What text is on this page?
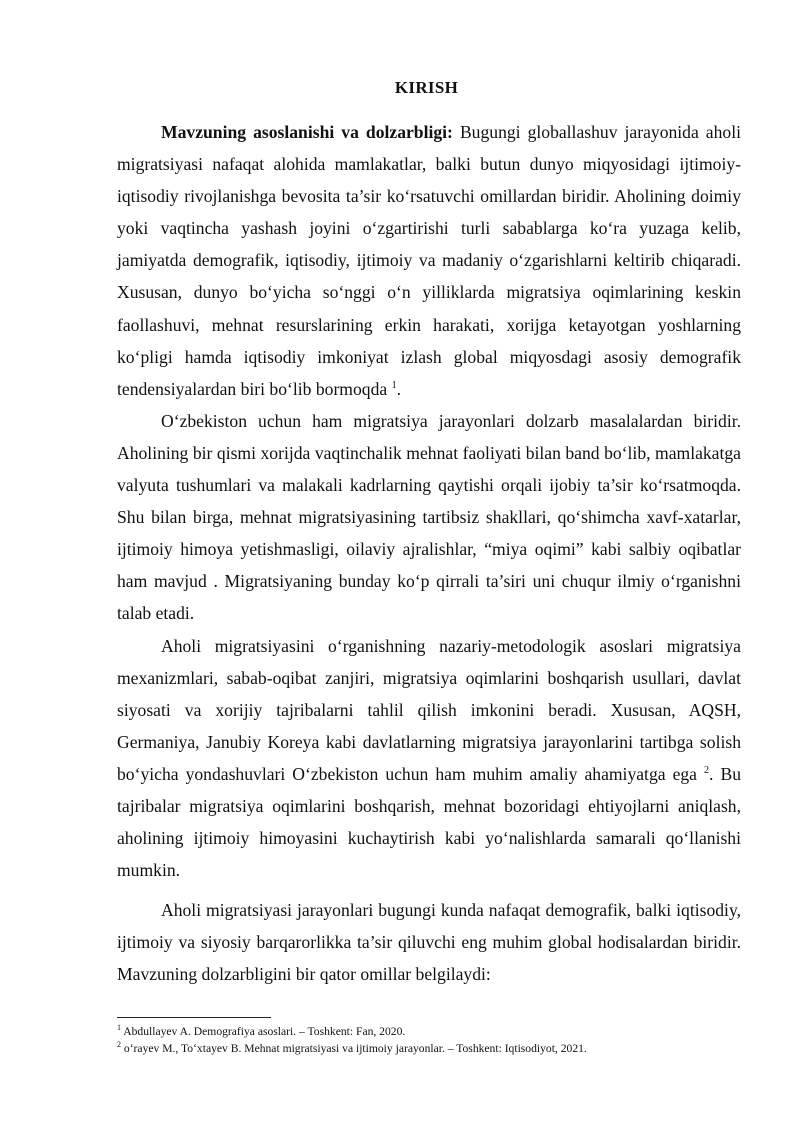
KIRISH

Mavzuning asoslanishi va dolzarbligi: Bugungi globallashuv jarayonida aholi migratsiyasi nafaqat alohida mamlakatlar, balki butun dunyo miqyosidagi ijtimoiy-iqtisodiy rivojlanishga bevosita ta’sir ko‘rsatuvchi omillardan biridir. Aholining doimiy yoki vaqtincha yashash joyini o‘zgartirishi turli sabablarga ko‘ra yuzaga kelib, jamiyatda demografik, iqtisodiy, ijtimoiy va madaniy o‘zgarishlarni keltirib chiqaradi. Xususan, dunyo bo‘yicha so‘nggi o‘n yilliklarda migratsiya oqimlarining keskin faollashuvi, mehnat resurslarining erkin harakati, xorijga ketayotgan yoshlarning ko‘pligi hamda iqtisodiy imkoniyat izlash global miqyosdagi asosiy demografik tendensiyalardan biri bo‘lib bormoqda $^1$.

O‘zbekiston uchun ham migratsiya jarayonlari dolzarb masalalardan biridir. Aholining bir qismi xorijda vaqtinchalik mehnat faoliyati bilan band bo‘lib, mamlakatga valyuta tushumlari va malakali kadrlarning qaytishi orqali ijobiy ta’sir ko‘rsatmoqda. Shu bilan birga, mehnat migratsiyasining tartibsiz shakllari, qo‘shimcha xavf-xatarlar, ijtimoiy himoya yetishmasligi, oilaviy ajralishlar, “miya oqimi” kabi salbiy oqibatlar ham mavjud . Migratsiyaning bunday ko‘p qirrali ta’siri uni chuqur ilmiy o‘rganishni talab etadi.

Aholi migratsiyasini o‘rganishning nazariy-metodologik asoslari migratsiya mexanizmlari, sabab-oqibat zanjiri, migratsiya oqimlarini boshqarish usullari, davlat siyosati va xorijiy tajribalarni tahlil qilish imkonini beradi. Xususan, AQSH, Germaniya, Janubiy Koreya kabi davlatlarning migratsiya jarayonlarini tartibga solish bo‘yicha yondashuvlari O‘zbekiston uchun ham muhim amaliy ahamiyatga ega $^2$. Bu tajribalar migratsiya oqimlarini boshqarish, mehnat bozoridagi ehtiyojlarni aniqlash, aholining ijtimoiy himoyasini kuchaytirish kabi yo‘nalishlarda samarali qo‘llanishi mumkin.

Aholi migratsiyasi jarayonlari bugungi kunda nafaqat demografik, balki iqtisodiy, ijtimoiy va siyosiy barqarorlikka ta’sir qiluvchi eng muhim global hodisalardan biridir. Mavzuning dolzarbligini bir qator omillar belgilaydi:

$^1$ Abdullayev A. Demografiya asoslari. – Toshkent: Fan, 2020.
$^2$ o‘rayev M., To‘xtayev B. Mehnat migratsiyasi va ijtimoiy jarayonlar. – Toshkent: Iqtisodiyot, 2021.
